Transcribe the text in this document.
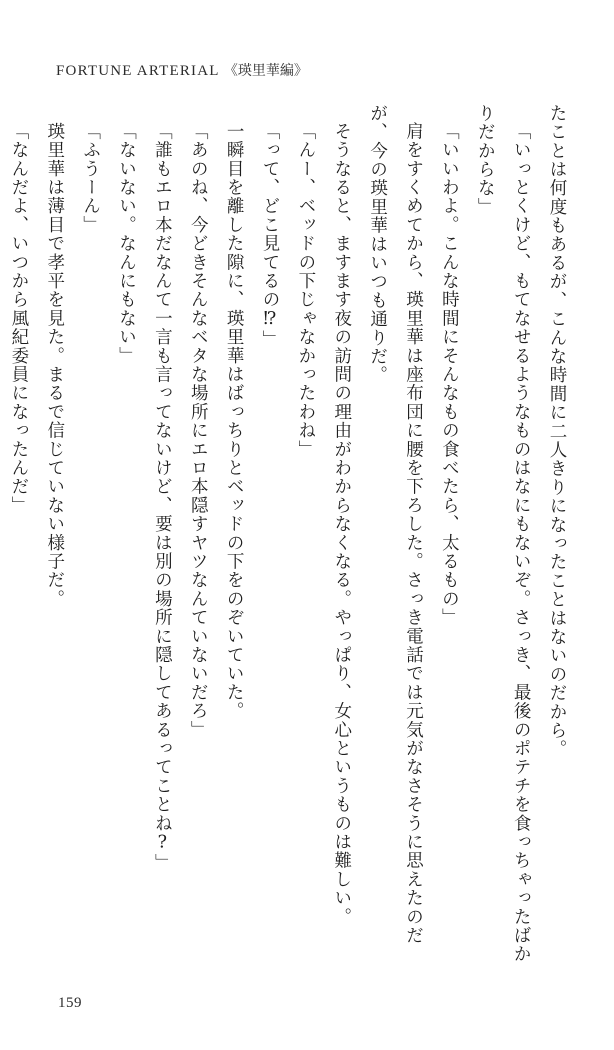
FORTUNE ARTERIAL 《瑛里華編》

たことは何度もあるが、こんな時間に二人きりになったことはないのだから。

「いっとくけど、もてなせるようなものはなにもないぞ。さっき、最後のポテチを食っちゃったばかりだからな」

「いいわよ。こんな時間にそんなもの食べたら、太るもの」

肩をすくめてから、瑛里華は座布団に腰を下ろした。さっき電話では元気がなさそうに思えたのだが、今の瑛里華はいつも通りだ。

そうなると、ますます夜の訪問の理由がわからなくなる。やっぱり、女心というものは難しい。

「んー、ベッドの下じゃなかったわね」

「って、どこ見てるの⁉」

一瞬目を離した隙に、瑛里華はばっちりとベッドの下をのぞいていた。

「あのね、今どきそんなベタな場所にエロ本隠すヤツなんていないだろ」

「誰もエロ本だなんて一言も言ってないけど、要は別の場所に隠してあるってことね?」

「ないない。なんにもない」

「ふうーん」

瑛里華は薄目で孝平を見た。まるで信じていない様子だ。

「なんだよ、いつから風紀委員になったんだ」

159
